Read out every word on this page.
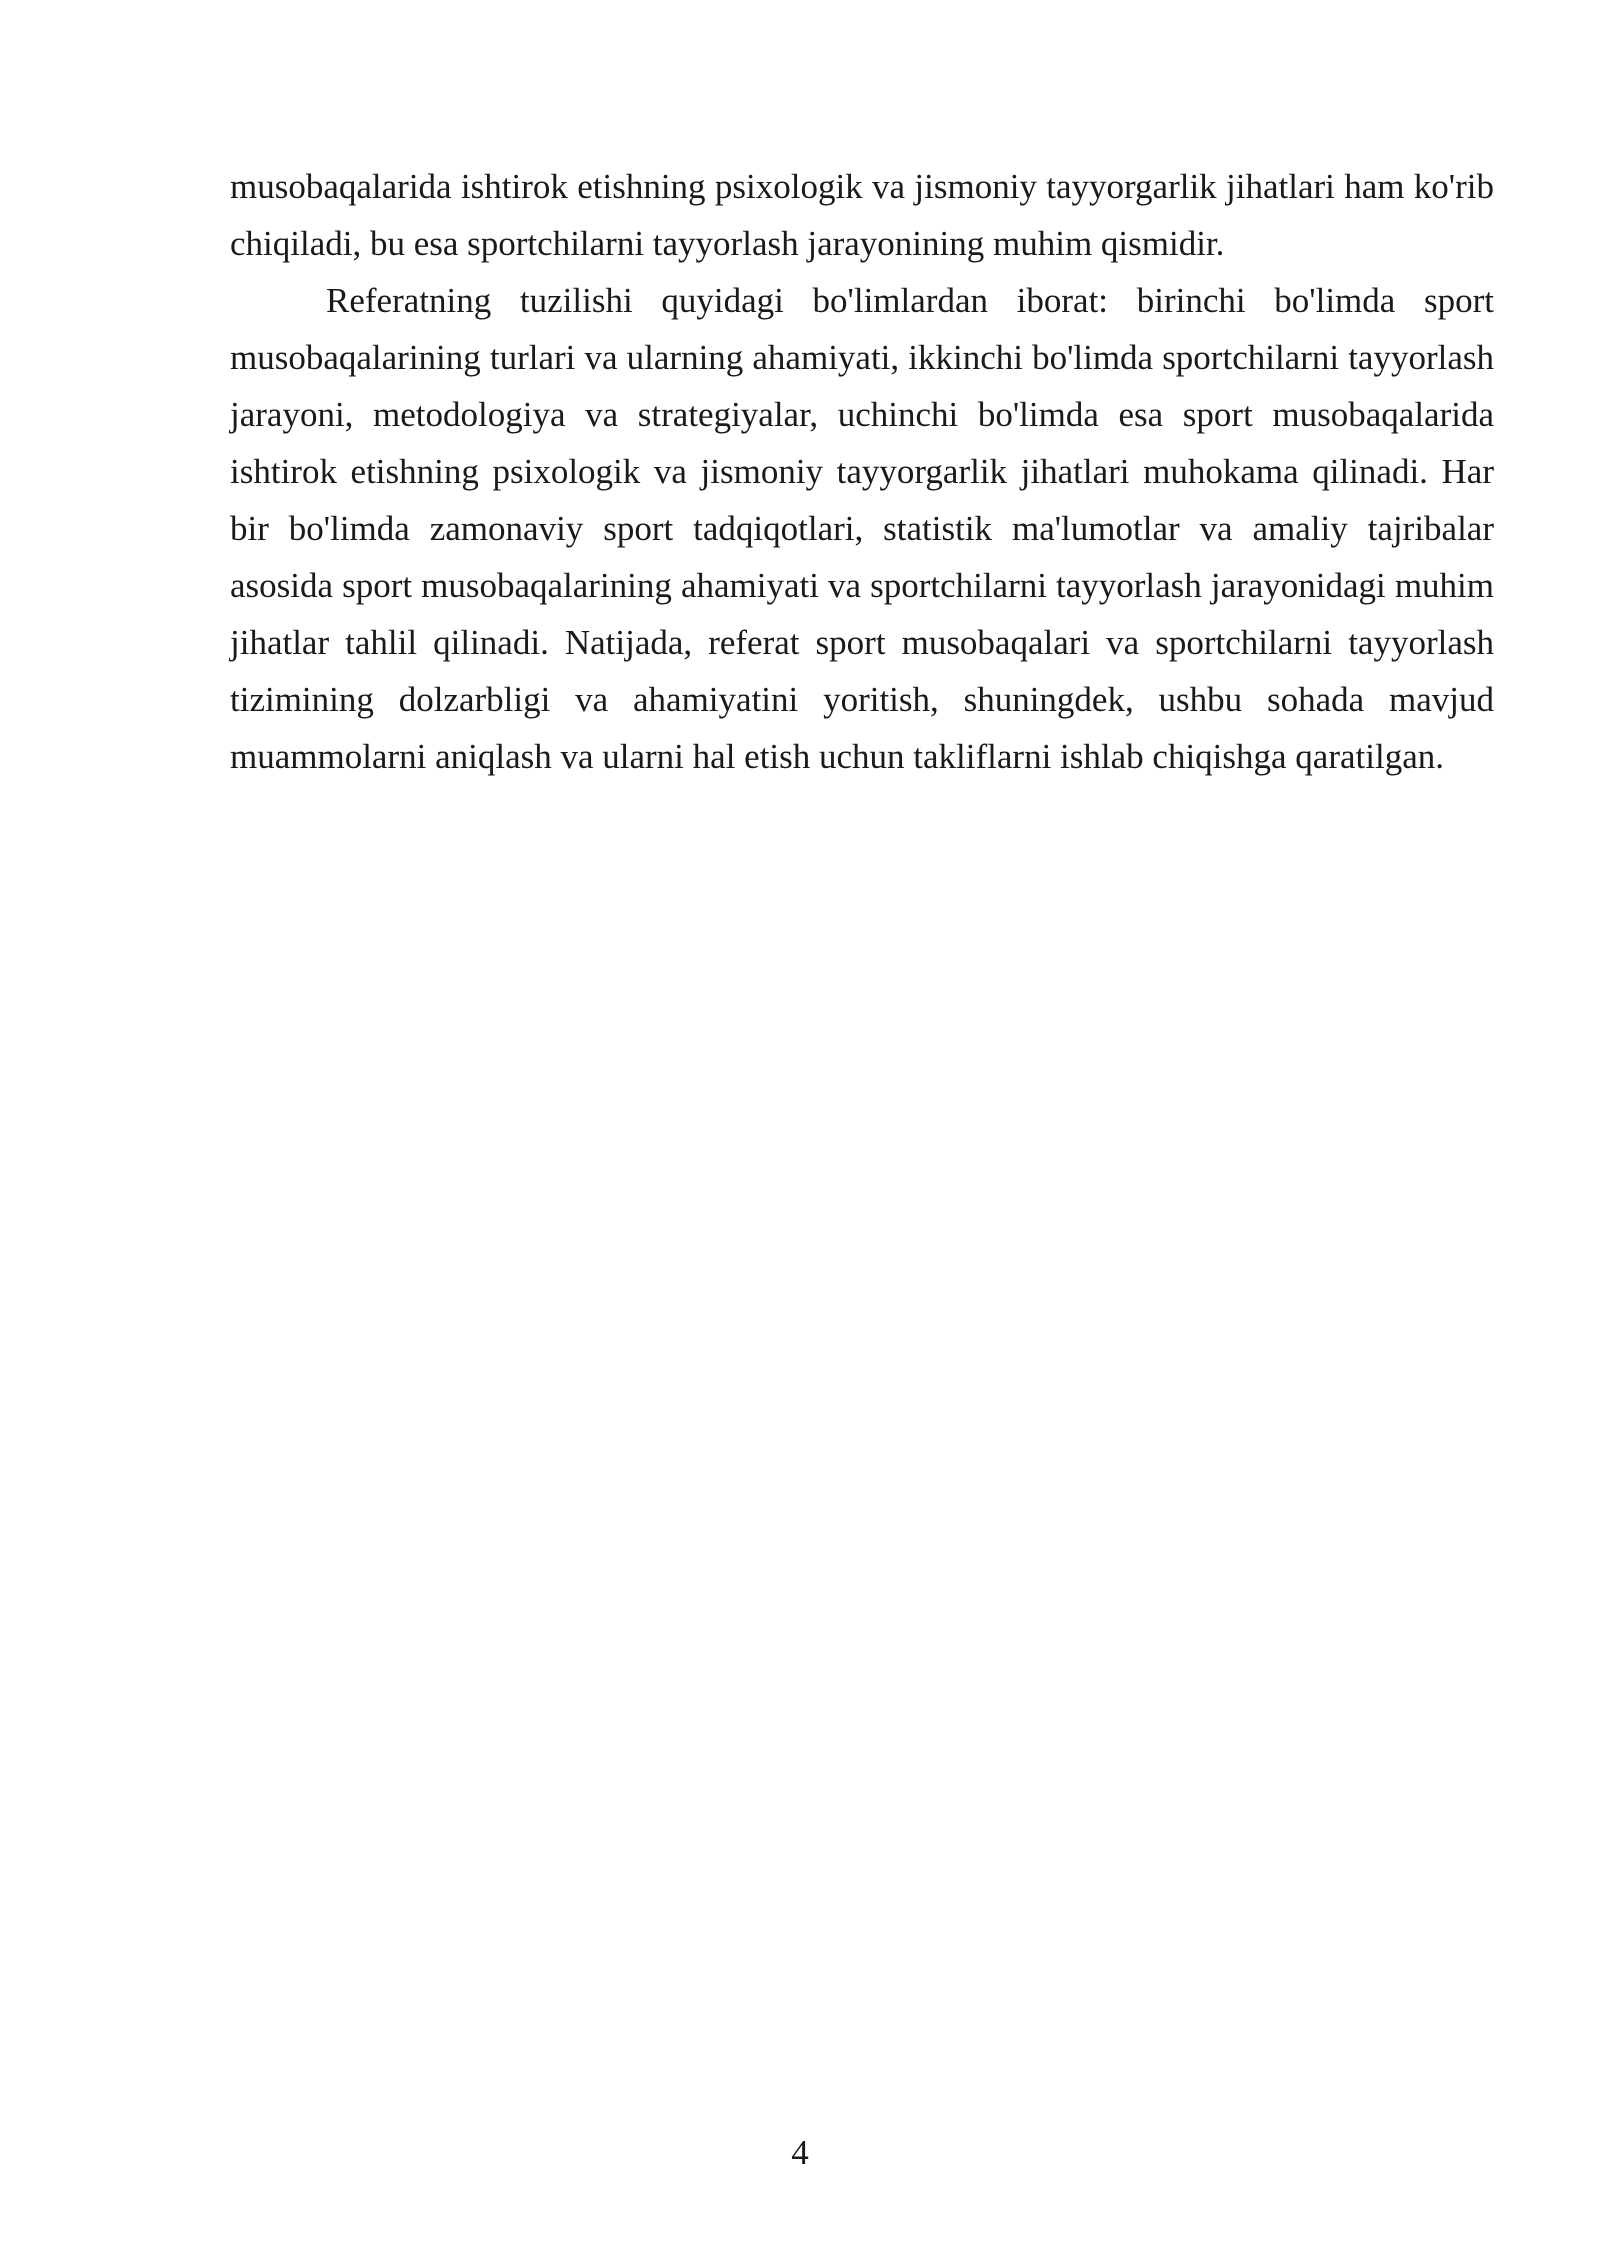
musobaqalarida ishtirok etishning psixologik va jismoniy tayyorgarlik jihatlari ham ko'rib chiqiladi, bu esa sportchilarni tayyorlash jarayonining muhim qismidir.

Referatning tuzilishi quyidagi bo'limlardan iborat: birinchi bo'limda sport musobaqalarining turlari va ularning ahamiyati, ikkinchi bo'limda sportchilarni tayyorlash jarayoni, metodologiya va strategiyalar, uchinchi bo'limda esa sport musobaqalarida ishtirok etishning psixologik va jismoniy tayyorgarlik jihatlari muhokama qilinadi. Har bir bo'limda zamonaviy sport tadqiqotlari, statistik ma'lumotlar va amaliy tajribalar asosida sport musobaqalarining ahamiyati va sportchilarni tayyorlash jarayonidagi muhim jihatlar tahlil qilinadi. Natijada, referat sport musobaqalari va sportchilarni tayyorlash tizimining dolzarbligi va ahamiyatini yoritish, shuningdek, ushbu sohada mavjud muammolarni aniqlash va ularni hal etish uchun takliflarni ishlab chiqishga qaratilgan.

4
